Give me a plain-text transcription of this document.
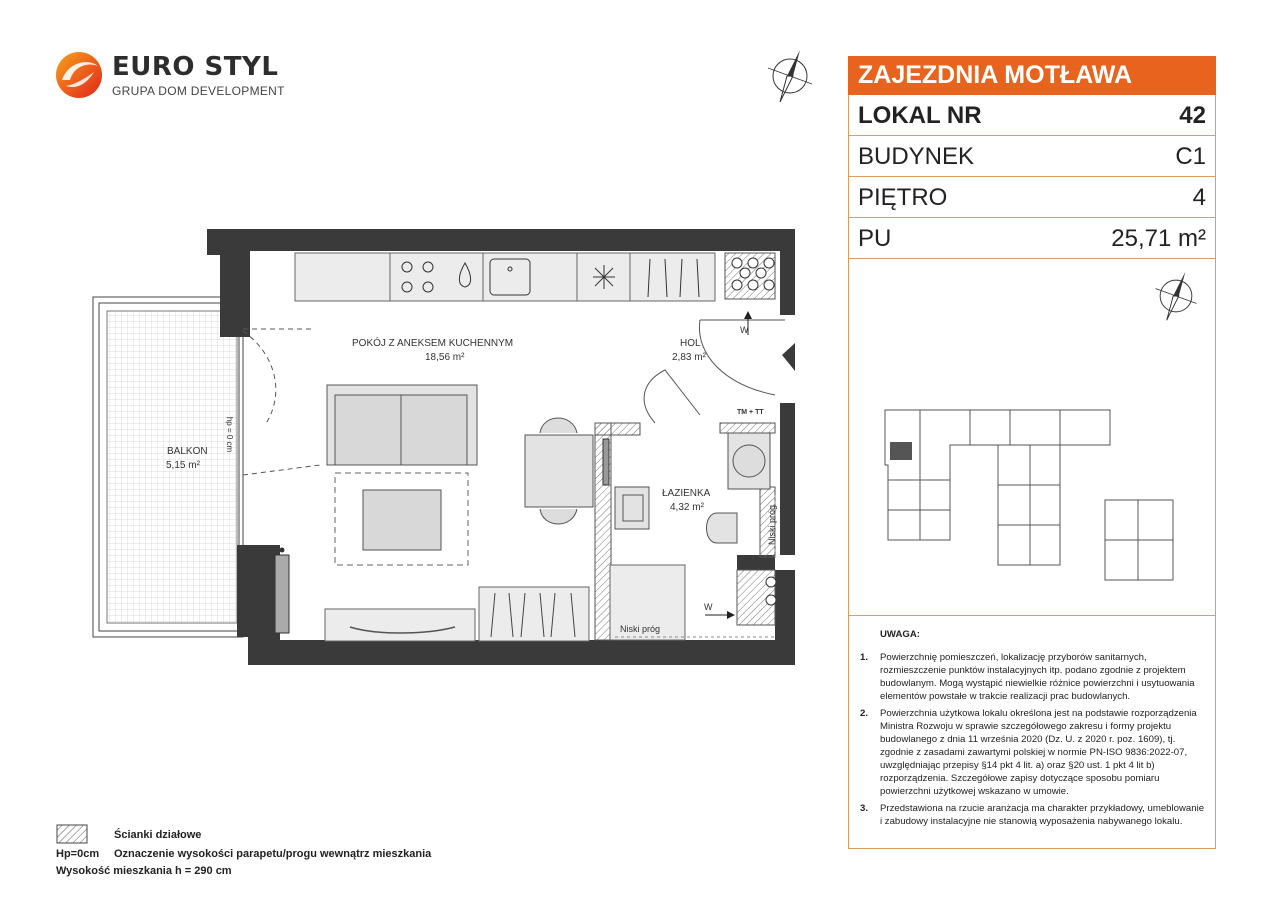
EURO STYL
GRUPA DOM DEVELOPMENT
ZAJEZDNIA MOTŁAWA
LOKAL NR	42
BUDYNEK	C1
PIĘTRO	4
PU	25,71 m²
UWAGA:
1.	Powierzchnię pomieszczeń, lokalizację przyborów sanitarnych, rozmieszczenie punktów instalacyjnych itp. podano zgodnie z projektem budowlanym. Mogą wystąpić niewielkie różnice powierzchni i usytuowania elementów powstałe w trakcie realizacji prac budowlanych.
2.	Powierzchnia użytkowa lokalu określona jest na podstawie rozporządzenia Ministra Rozwoju w sprawie szczegółowego zakresu i formy projektu budowlanego z dnia 11 września 2020 (Dz. U. z 2020 r. poz. 1609), tj. zgodnie z zasadami zawartymi polskiej w normie PN-ISO 9836:2022-07, uwzględniając przepisy §14 pkt 4 lit. a) oraz §20 ust. 1 pkt 4 lit b) rozporządzenia. Szczegółowe zapisy dotyczące sposobu pomiaru powierzchni użytkowej wskazano w umowie.
3.	Przedstawiona na rzucie aranżacja ma charakter przykładowy, umeblowanie i zabudowy instalacyjne nie stanowią wyposażenia nabywanego lokalu.
POKÓJ Z ANEKSEM KUCHENNYM
18,56 m²
HOL
2,83 m²
ŁAZIENKA
4,32 m²
BALKON
5,15 m²
hp = 0 cm
TM + TT
W
W
Niski próg
Niski próg
Ścianki działowe
Hp=0cm Oznaczenie wysokości parapetu/progu wewnątrz mieszkania
Wysokość mieszkania h = 290 cm
